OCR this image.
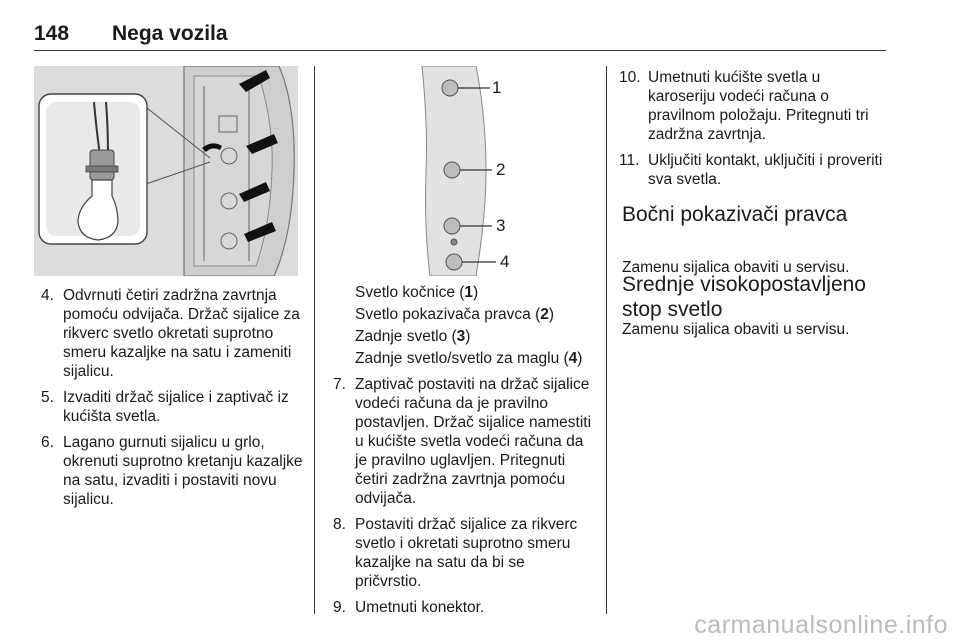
148 Nega vozila
1
2
3
4
4. Odvrnuti četiri zadržna zavrtnja pomoću odvijača. Držač sijalice za rikverc svetlo okretati suprotno smeru kazaljke na satu i zameniti sijalicu.
5. Izvaditi držač sijalice i zaptivač iz kućišta svetla.
6. Lagano gurnuti sijalicu u grlo, okrenuti suprotno kretanju kazaljke na satu, izvaditi i postaviti novu sijalicu.
Svetlo kočnice (1)
Svetlo pokazivača pravca (2)
Zadnje svetlo (3)
Zadnje svetlo/svetlo za maglu (4)
7. Zaptivač postaviti na držač sijalice vodeći računa da je pravilno postavljen. Držač sijalice namestiti u kućište svetla vodeći računa da je pravilno uglavljen. Pritegnuti četiri zadržna zavrtnja pomoću odvijača.
8. Postaviti držač sijalice za rikverc svetlo i okretati suprotno smeru kazaljke na satu da bi se pričvrstio.
9. Umetnuti konektor.
10. Umetnuti kućište svetla u karoseriju vodeći računa o pravilnom položaju. Pritegnuti tri zadržna zavrtnja.
11. Uključiti kontakt, uključiti i proveriti sva svetla.
Bočni pokazivači pravca

Zamenu sijalica obaviti u servisu.

Srednje visokopostavljeno
stop svetlo

Zamenu sijalica obaviti u servisu.

carmanualsonline.info
